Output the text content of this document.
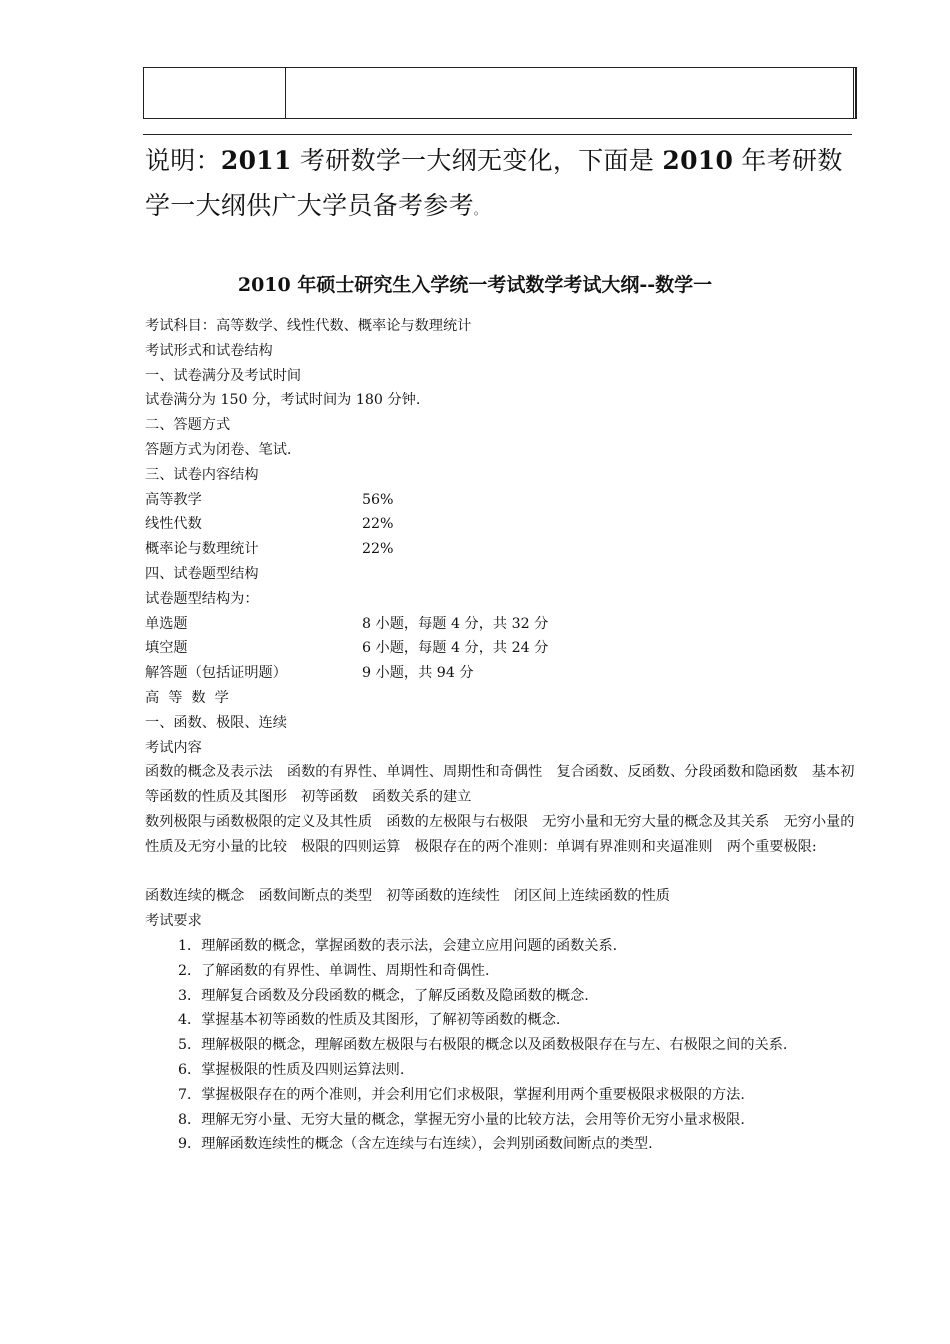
说明：2011 考研数学一大纲无变化，下面是 2010 年考研数学一大纲供广大学员备考参考。
2010 年硕士研究生入学统一考试数学考试大纲--数学一
考试科目：高等数学、线性代数、概率论与数理统计
考试形式和试卷结构
一、试卷满分及考试时间
试卷满分为 150 分，考试时间为 180 分钟.
二、答题方式
答题方式为闭卷、笔试.
三、试卷内容结构
高等教学	56%
线性代数	22%
概率论与数理统计	22%
四、试卷题型结构
试卷题型结构为：
单选题	8 小题，每题 4 分，共 32 分
填空题	6 小题，每题 4 分，共 24 分
解答题（包括证明题）	9 小题，共 94 分
高等数学
一、函数、极限、连续
考试内容
函数的概念及表示法　函数的有界性、单调性、周期性和奇偶性　复合函数、反函数、分段函数和隐函数　基本初等函数的性质及其图形　初等函数　函数关系的建立
数列极限与函数极限的定义及其性质　函数的左极限与右极限　无穷小量和无穷大量的概念及其关系　无穷小量的性质及无穷小量的比较　极限的四则运算　极限存在的两个准则：单调有界准则和夹逼准则　两个重要极限:
函数连续的概念　函数间断点的类型　初等函数的连续性　闭区间上连续函数的性质
考试要求
1．理解函数的概念，掌握函数的表示法，会建立应用问题的函数关系.
2．了解函数的有界性、单调性、周期性和奇偶性.
3．理解复合函数及分段函数的概念，了解反函数及隐函数的概念.
4．掌握基本初等函数的性质及其图形，了解初等函数的概念.
5．理解极限的概念，理解函数左极限与右极限的概念以及函数极限存在与左、右极限之间的关系.
6．掌握极限的性质及四则运算法则.
7．掌握极限存在的两个准则，并会利用它们求极限，掌握利用两个重要极限求极限的方法.
8．理解无穷小量、无穷大量的概念，掌握无穷小量的比较方法，会用等价无穷小量求极限.
9．理解函数连续性的概念（含左连续与右连续），会判别函数间断点的类型.
